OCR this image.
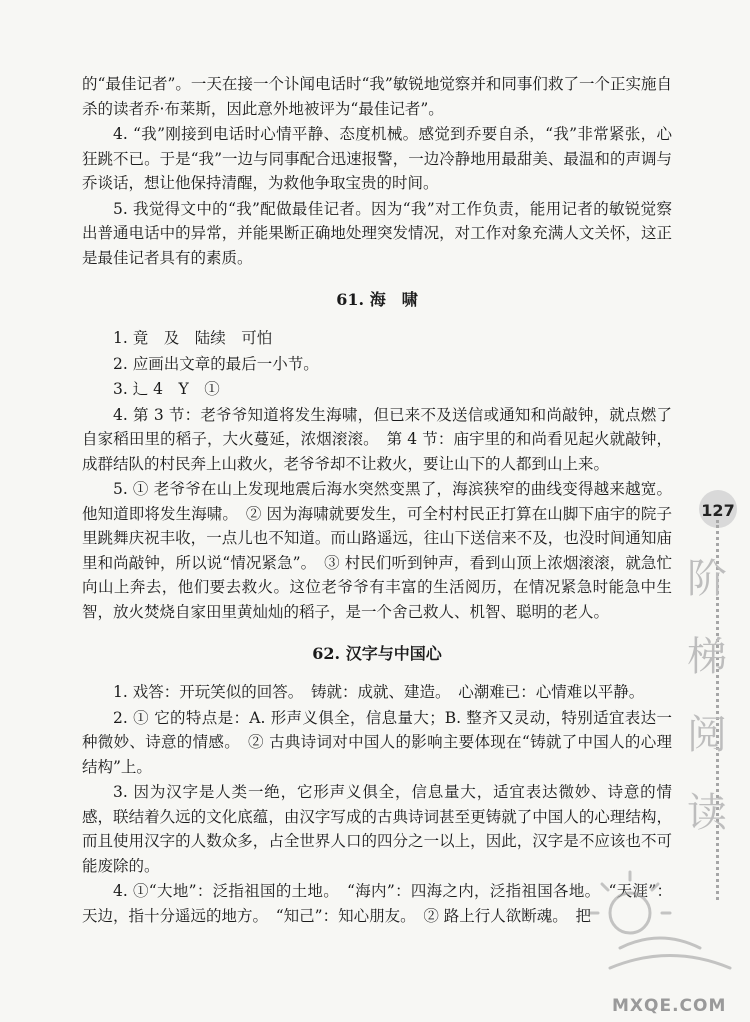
的“最佳记者”。一天在接一个讣闻电话时“我”敏锐地觉察并和同事们救了一个正实施自杀的读者乔·布莱斯，因此意外地被评为“最佳记者”。

4. “我”刚接到电话时心情平静、态度机械。感觉到乔要自杀，“我”非常紧张，心狂跳不已。于是“我”一边与同事配合迅速报警，一边冷静地用最甜美、最温和的声调与乔谈话，想让他保持清醒，为救他争取宝贵的时间。

5. 我觉得文中的“我”配做最佳记者。因为“我”对工作负责，能用记者的敏锐觉察出普通电话中的异常，并能果断正确地处理突发情况，对工作对象充满人文关怀，这正是最佳记者具有的素质。

61. 海　啸

1. 竟　及　陆续　可怕

2. 应画出文章的最后一小节。

3. 辶 4　Y　①

4. 第 3 节：老爷爷知道将发生海啸，但已来不及送信或通知和尚敲钟，就点燃了自家稻田里的稻子，大火蔓延，浓烟滚滚。　第 4 节：庙宇里的和尚看见起火就敲钟，成群结队的村民奔上山救火，老爷爷却不让救火，要让山下的人都到山上来。

5. ① 老爷爷在山上发现地震后海水突然变黑了，海滨狭窄的曲线变得越来越宽。他知道即将发生海啸。　② 因为海啸就要发生，可全村村民正打算在山脚下庙宇的院子里跳舞庆祝丰收，一点儿也不知道。而山路遥远，往山下送信来不及，也没时间通知庙里和尚敲钟，所以说“情况紧急”。　③ 村民们听到钟声，看到山顶上浓烟滚滚，就急忙向山上奔去，他们要去救火。这位老爷爷有丰富的生活阅历，在情况紧急时能急中生智，放火焚烧自家田里黄灿灿的稻子，是一个舍己救人、机智、聪明的老人。

62. 汉字与中国心

1. 戏答：开玩笑似的回答。　铸就：成就、建造。　心潮难已：心情难以平静。

2. ① 它的特点是：A. 形声义俱全，信息量大；B. 整齐又灵动，特别适宜表达一种微妙、诗意的情感。　② 古典诗词对中国人的影响主要体现在“铸就了中国人的心理结构”上。

3. 因为汉字是人类一绝，它形声义俱全，信息量大，适宜表达微妙、诗意的情感，联结着久远的文化底蕴，由汉字写成的古典诗词甚至更铸就了中国人的心理结构，而且使用汉字的人数众多，占全世界人口的四分之一以上，因此，汉字是不应该也不可能废除的。

4. ①“大地”：泛指祖国的土地。　“海内”：四海之内，泛指祖国各地。　“天涯”：天边，指十分遥远的地方。　“知己”：知心朋友。　② 路上行人欲断魂。　把

127
阶
梯
阅
读
MXQE.COM
